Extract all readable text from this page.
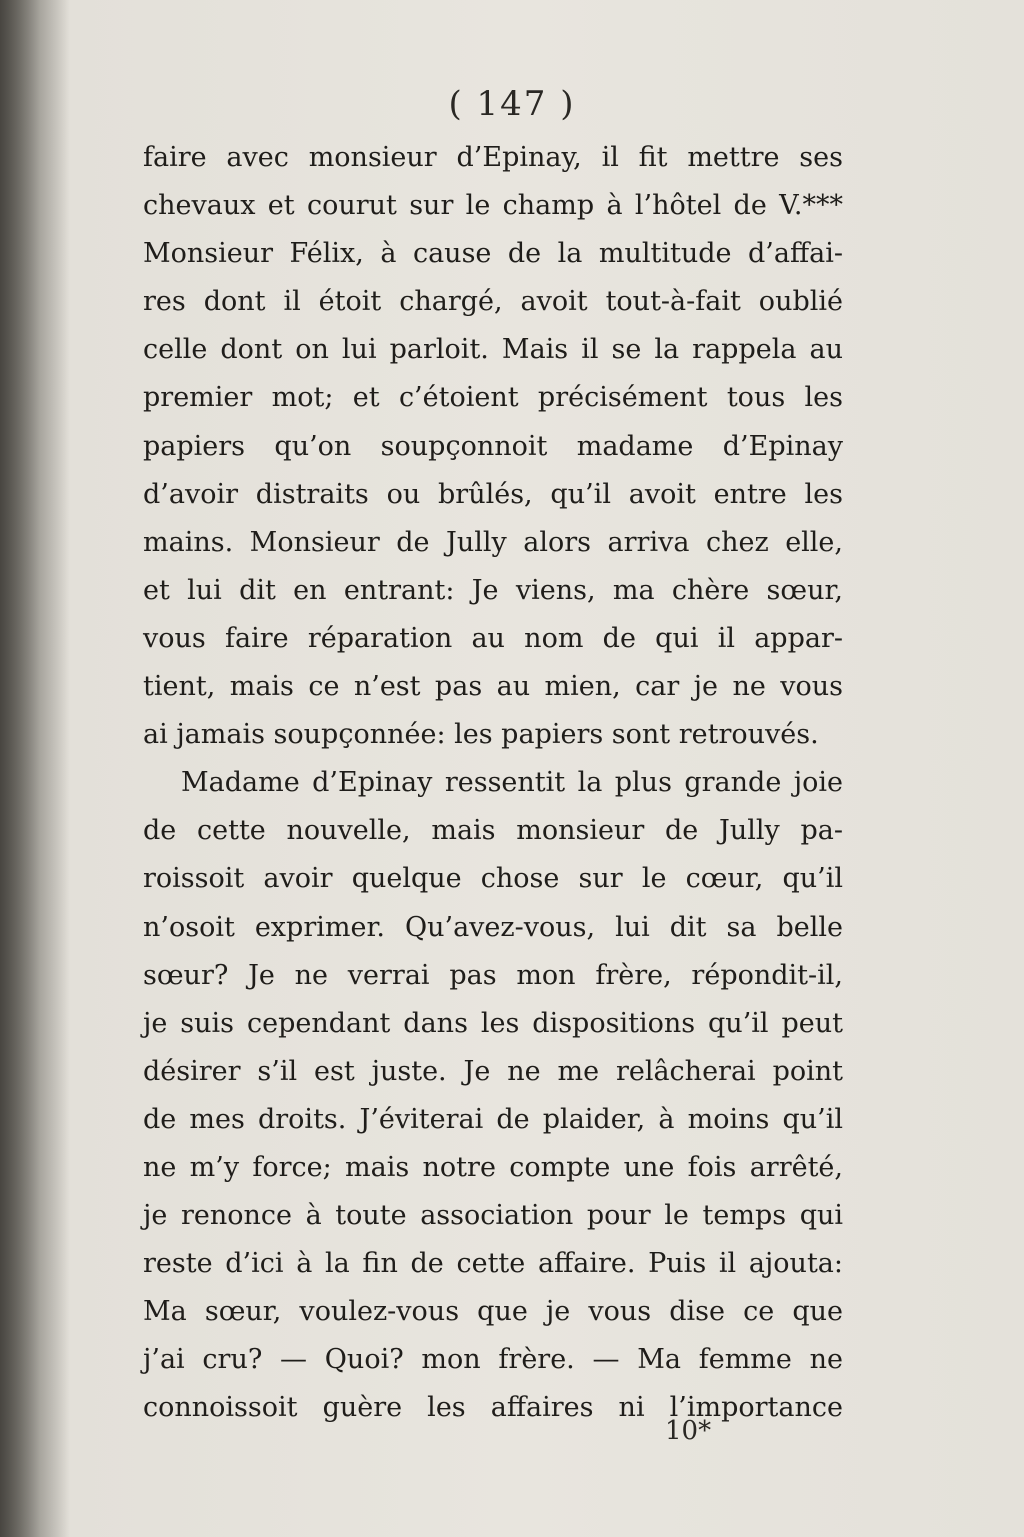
( 147 )
faire avec monsieur d’Epinay, il fit mettre ses
chevaux et courut sur le champ à l’hôtel de V.***
Monsieur Félix, à cause de la multitude d’affai-
res dont il étoit chargé, avoit tout-à-fait oublié
celle dont on lui parloit. Mais il se la rappela au
premier mot; et c’étoient précisément tous les
papiers qu’on soupçonnoit madame d’Epinay
d’avoir distraits ou brûlés, qu’il avoit entre les
mains. Monsieur de Jully alors arriva chez elle,
et lui dit en entrant: Je viens, ma chère sœur,
vous faire réparation au nom de qui il appar-
tient, mais ce n’est pas au mien, car je ne vous
ai jamais soupçonnée: les papiers sont retrouvés.
Madame d’Epinay ressentit la plus grande joie
de cette nouvelle, mais monsieur de Jully pa-
roissoit avoir quelque chose sur le cœur, qu’il
n’osoit exprimer. Qu’avez-vous, lui dit sa belle
sœur? Je ne verrai pas mon frère, répondit-il,
je suis cependant dans les dispositions qu’il peut
désirer s’il est juste. Je ne me relâcherai point
de mes droits. J’éviterai de plaider, à moins qu’il
ne m’y force; mais notre compte une fois arrêté,
je renonce à toute association pour le temps qui
reste d’ici à la fin de cette affaire. Puis il ajouta:
Ma sœur, voulez-vous que je vous dise ce que
j’ai cru? — Quoi? mon frère. — Ma femme ne
connoissoit guère les affaires ni l’importance
10*
